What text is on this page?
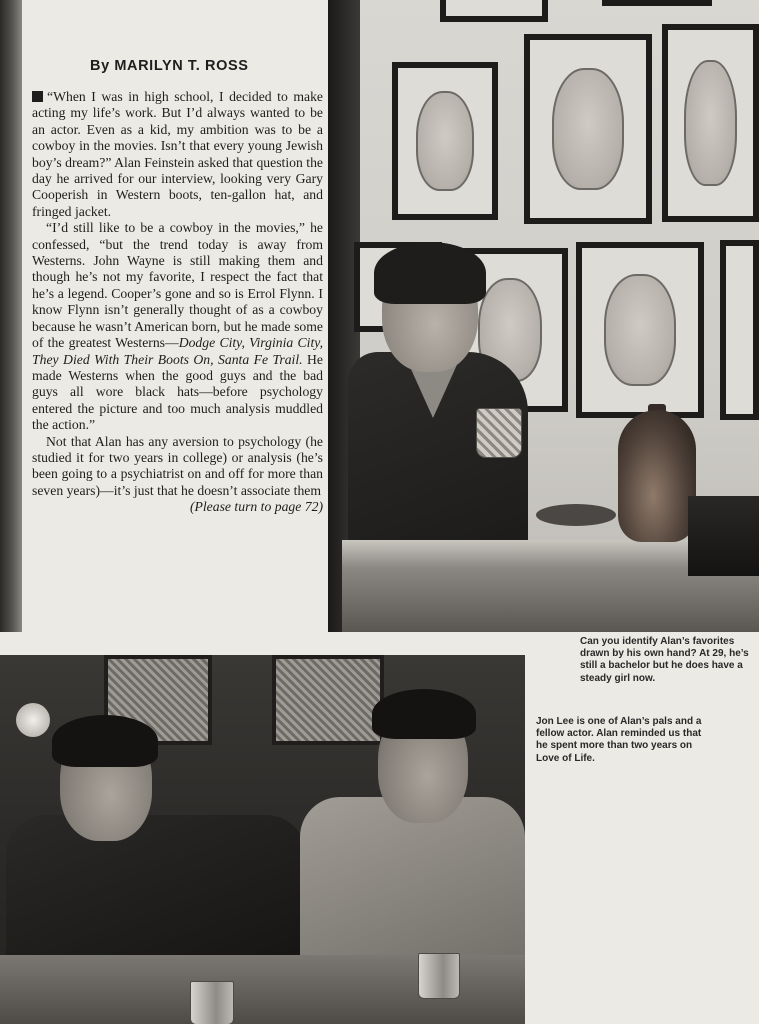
By MARILYN T. ROSS

“When I was in high school, I decided to make acting my life’s work. But I’d always wanted to be an actor. Even as a kid, my ambition was to be a cowboy in the movies. Isn’t that every young Jewish boy’s dream?” Alan Feinstein asked that question the day he arrived for our interview, looking very Gary Cooperish in Western boots, ten-gallon hat, and fringed jacket.

“I’d still like to be a cowboy in the movies,” he confessed, “but the trend today is away from Westerns. John Wayne is still making them and though he’s not my favorite, I respect the fact that he’s a legend. Cooper’s gone and so is Errol Flynn. I know Flynn isn’t generally thought of as a cowboy because he wasn’t American born, but he made some of the greatest Westerns—Dodge City, Virginia City, They Died With Their Boots On, Santa Fe Trail. He made Westerns when the good guys and the bad guys all wore black hats—before psychology entered the picture and too much analysis muddled the action.”

Not that Alan has any aversion to psychology (he studied it for two years in college) or analysis (he’s been going to a psychiatrist on and off for more than seven years)—it’s just that he doesn’t associate them
(Please turn to page 72)

Can you identify Alan’s favorites drawn by his own hand? At 29, he’s still a bachelor but he does have a steady girl now.
Jon Lee is one of Alan’s pals and a fellow actor. Alan reminded us that he spent more than two years on Love of Life.
